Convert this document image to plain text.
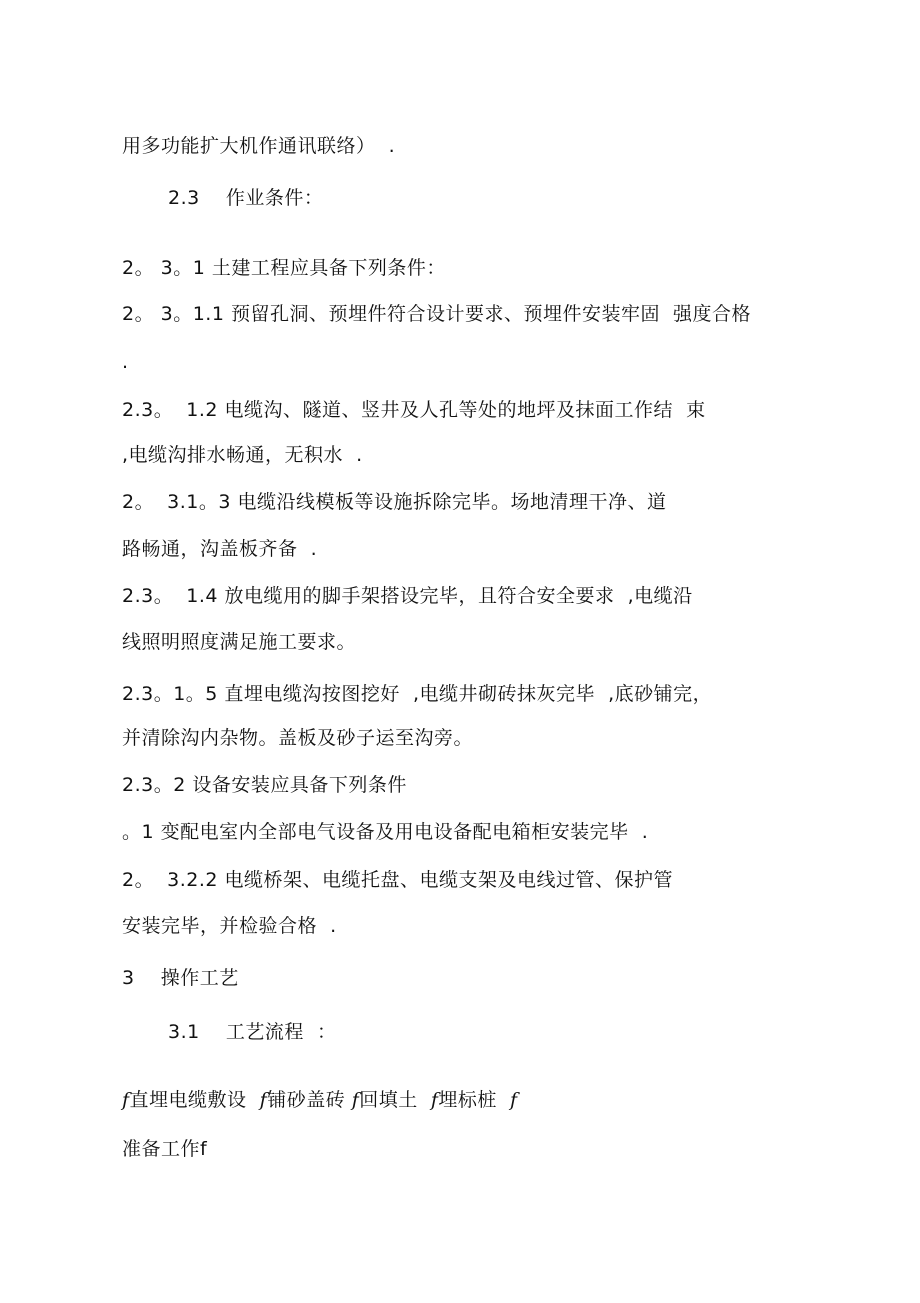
用多功能扩大机作通讯联络）  .
2.3    作业条件：
2。 3。1 土建工程应具备下列条件：
2。 3。1.1 预留孔洞、预埋件符合设计要求、预埋件安装牢固  强度合格
.
2.3。  1.2 电缆沟、隧道、竖井及人孔等处的地坪及抹面工作结  束
,电缆沟排水畅通，无积水  .
2。  3.1。3 电缆沿线模板等设施拆除完毕。场地清理干净、道
路畅通，沟盖板齐备  .
2.3。  1.4 放电缆用的脚手架搭设完毕，且符合安全要求  ,电缆沿
线照明照度满足施工要求。
2.3。1。5 直埋电缆沟按图挖好  ,电缆井砌砖抹灰完毕  ,底砂铺完，
并清除沟内杂物。盖板及砂子运至沟旁。
2.3。2 设备安装应具备下列条件
。1 变配电室内全部电气设备及用电设备配电箱柜安装完毕  .
2。  3.2.2 电缆桥架、电缆托盘、电缆支架及电线过管、保护管
安装完毕，并检验合格  .
3    操作工艺
3.1    工艺流程  ：
f直埋电缆敷设  f铺砂盖砖 f回填土  f埋标桩  f
准备工作f
